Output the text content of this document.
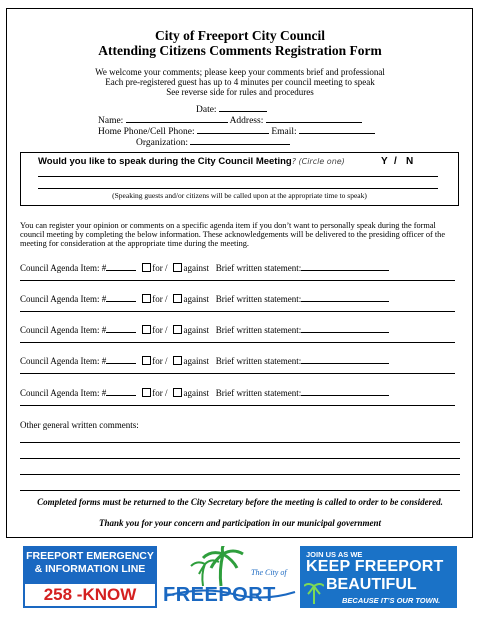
City of Freeport City Council
Attending Citizens Comments Registration Form
We welcome your comments; please keep your comments brief and professional
Each pre-registered guest has up to 4 minutes per council meeting to speak
See reverse side for rules and procedures
Date:
Name:	Address:
Home Phone/Cell Phone:	Email:
Organization:
Would you like to speak during the City Council Meeting? (Circle one)	Y / N
(Speaking guests and/or citizens will be called upon at the appropriate time to speak)
You can register your opinion or comments on a specific agenda item if you don’t want to personally speak during the formal council meeting by completing the below information. These acknowledgements will be delivered to the presiding officer of the meeting for consideration at the appropriate time during the meeting.
Council Agenda Item: #	for / against Brief written statement:
Council Agenda Item: #	for / against Brief written statement:
Council Agenda Item: #	for / against Brief written statement:
Council Agenda Item: #	for / against Brief written statement:
Council Agenda Item: #	for / against Brief written statement:
Other general written comments:
Completed forms must be returned to the City Secretary before the meeting is called to order to be considered.
Thank you for your concern and participation in our municipal government
FREEPORT EMERGENCY
& INFORMATION LINE
258 -KNOW
The City of
FREEPORT
JOIN US AS WE
KEEP FREEPORT
BEAUTIFUL
BECAUSE IT’S OUR TOWN.
